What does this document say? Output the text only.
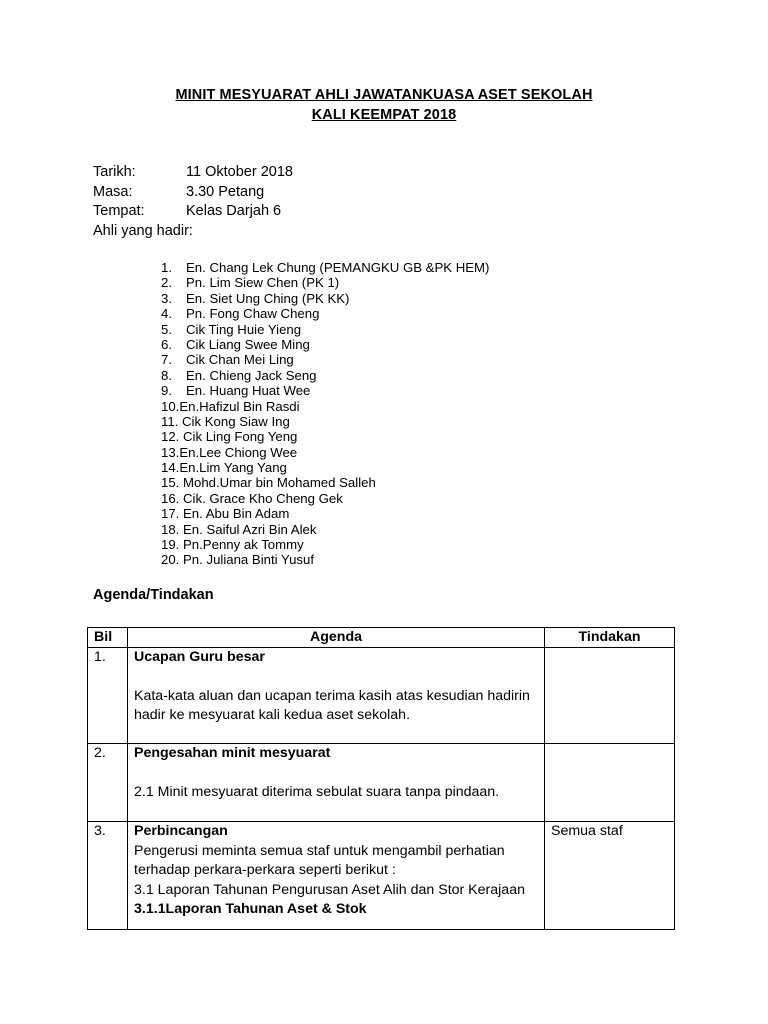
MINIT MESYUARAT AHLI JAWATANKUASA ASET SEKOLAH
KALI KEEMPAT 2018
Tarikh:	11 Oktober 2018
Masa:	3.30 Petang
Tempat:	Kelas Darjah 6
Ahli yang hadir:
1. En. Chang Lek Chung (PEMANGKU GB &PK HEM)
2. Pn. Lim Siew Chen (PK 1)
3. En. Siet Ung Ching (PK KK)
4. Pn. Fong Chaw Cheng
5. Cik Ting Huie Yieng
6. Cik Liang Swee Ming
7. Cik Chan Mei Ling
8. En. Chieng Jack Seng
9. En. Huang Huat Wee
10.En.Hafizul Bin Rasdi
11. Cik Kong Siaw Ing
12. Cik Ling Fong Yeng
13.En.Lee Chiong Wee
14.En.Lim Yang Yang
15. Mohd.Umar bin Mohamed Salleh
16. Cik. Grace Kho Cheng Gek
17. En. Abu Bin Adam
18. En. Saiful Azri Bin Alek
19. Pn.Penny ak Tommy
20. Pn. Juliana Binti Yusuf
Agenda/Tindakan
Bil	Agenda	Tindakan
1.	Ucapan Guru besar
Kata-kata aluan dan ucapan terima kasih atas kesudian hadirin hadir ke mesyuarat kali kedua aset sekolah.	

2.	Pengesahan minit mesyuarat
2.1 Minit mesyuarat diterima sebulat suara tanpa pindaan.	

3.	Perbincangan
Pengerusi meminta semua staf untuk mengambil perhatian terhadap perkara-perkara seperti berikut :
3.1 Laporan Tahunan Pengurusan Aset Alih dan Stor Kerajaan
3.1.1Laporan Tahunan Aset & Stok	Semua staf
